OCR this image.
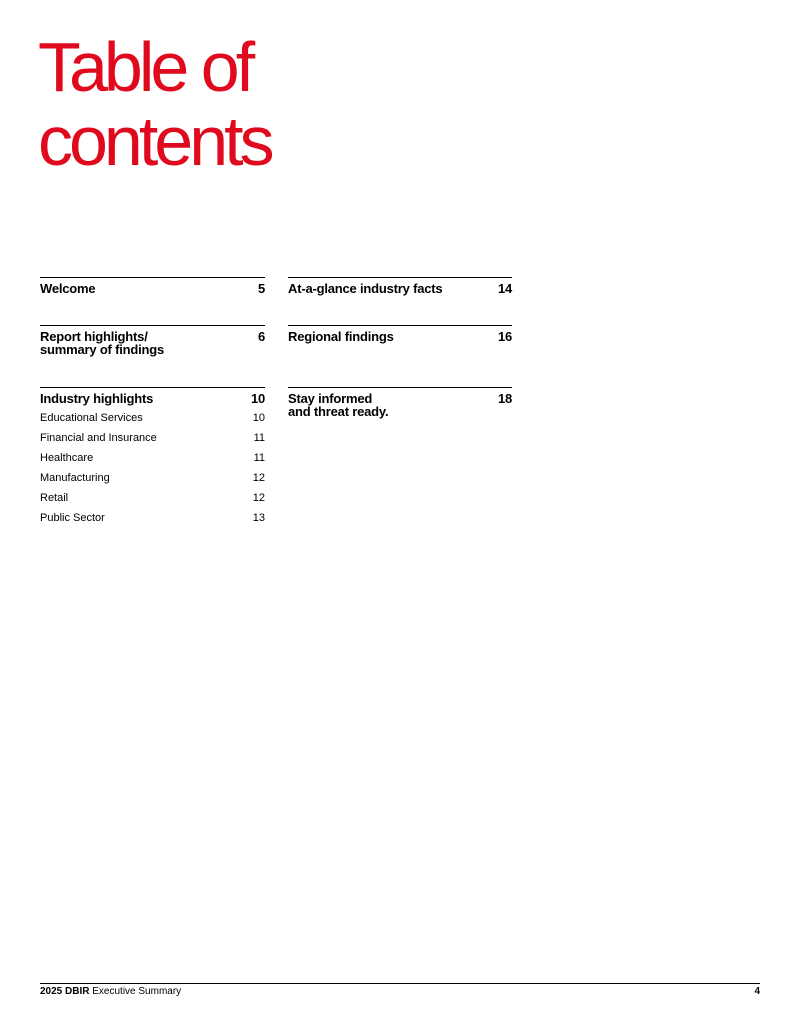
Table of
contents
Welcome	5
Report highlights/
summary of findings
6
Industry highlights	10
Educational Services	10
Financial and Insurance	11
Healthcare	11
Manufacturing	12
Retail	12
Public Sector	13
At-a-glance industry facts	14
Regional findings	16
Stay informed
and threat ready.
18
2025 DBIR Executive Summary	4
